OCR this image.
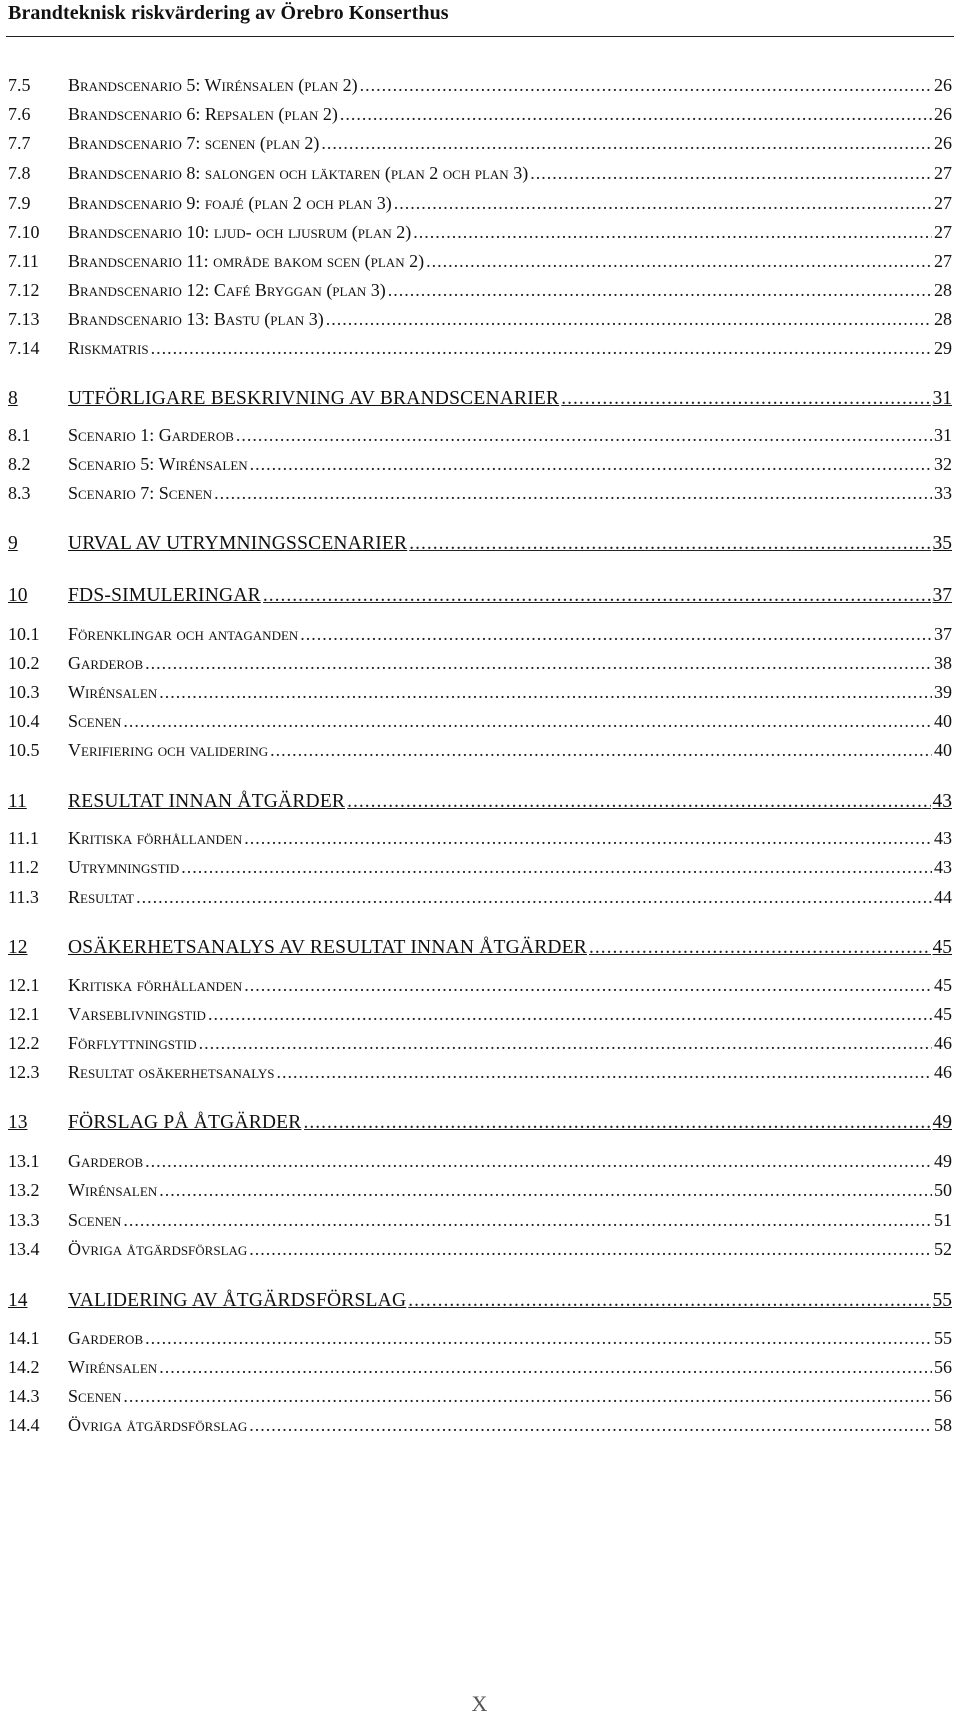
Brandteknisk riskvärdering av Örebro Konserthus
7.5	Brandscenario 5: Wirénsalen (plan 2) .....	26
7.6	Brandscenario 6: Repsalen (plan 2) .....	26
7.7	Brandscenario 7: scenen (plan 2) .....	26
7.8	Brandscenario 8: salongen och läktaren (plan 2 och plan 3) .....	27
7.9	Brandscenario 9: foajé (plan 2 och plan 3) .....	27
7.10	Brandscenario 10: ljud- och ljusrum (plan 2) .....	27
7.11	Brandscenario 11: område bakom scen (plan 2) .....	27
7.12	Brandscenario 12: Café Bryggan (plan 3) .....	28
7.13	Brandscenario 13: Bastu (plan 3) .....	28
7.14	Riskmatris .....	29
8	UTFÖRLIGARE BESKRIVNING AV BRANDSCENARIER .....	31
8.1	Scenario 1: Garderob .....	31
8.2	Scenario 5: Wirénsalen .....	32
8.3	Scenario 7: Scenen .....	33
9	URVAL AV UTRYMNINGSSCENARIER .....	35
10	FDS-SIMULERINGAR .....	37
10.1	Förenklingar och antaganden .....	37
10.2	Garderob .....	38
10.3	Wirénsalen .....	39
10.4	Scenen .....	40
10.5	Verifiering och validering .....	40
11	RESULTAT INNAN ÅTGÄRDER .....	43
11.1	Kritiska förhållanden .....	43
11.2	Utrymningstid .....	43
11.3	Resultat .....	44
12	OSÄKERHETSANALYS AV RESULTAT INNAN ÅTGÄRDER .....	45
12.1	Kritiska förhållanden .....	45
12.1	Varseblivningstid .....	45
12.2	Förflyttningstid .....	46
12.3	Resultat osäkerhetsanalys .....	46
13	FÖRSLAG PÅ ÅTGÄRDER .....	49
13.1	Garderob .....	49
13.2	Wirénsalen .....	50
13.3	Scenen .....	51
13.4	Övriga åtgärdsförslag .....	52
14	VALIDERING AV ÅTGÄRDSFÖRSLAG .....	55
14.1	Garderob .....	55
14.2	Wirénsalen .....	56
14.3	Scenen .....	56
14.4	Övriga åtgärdsförslag .....	58
X
